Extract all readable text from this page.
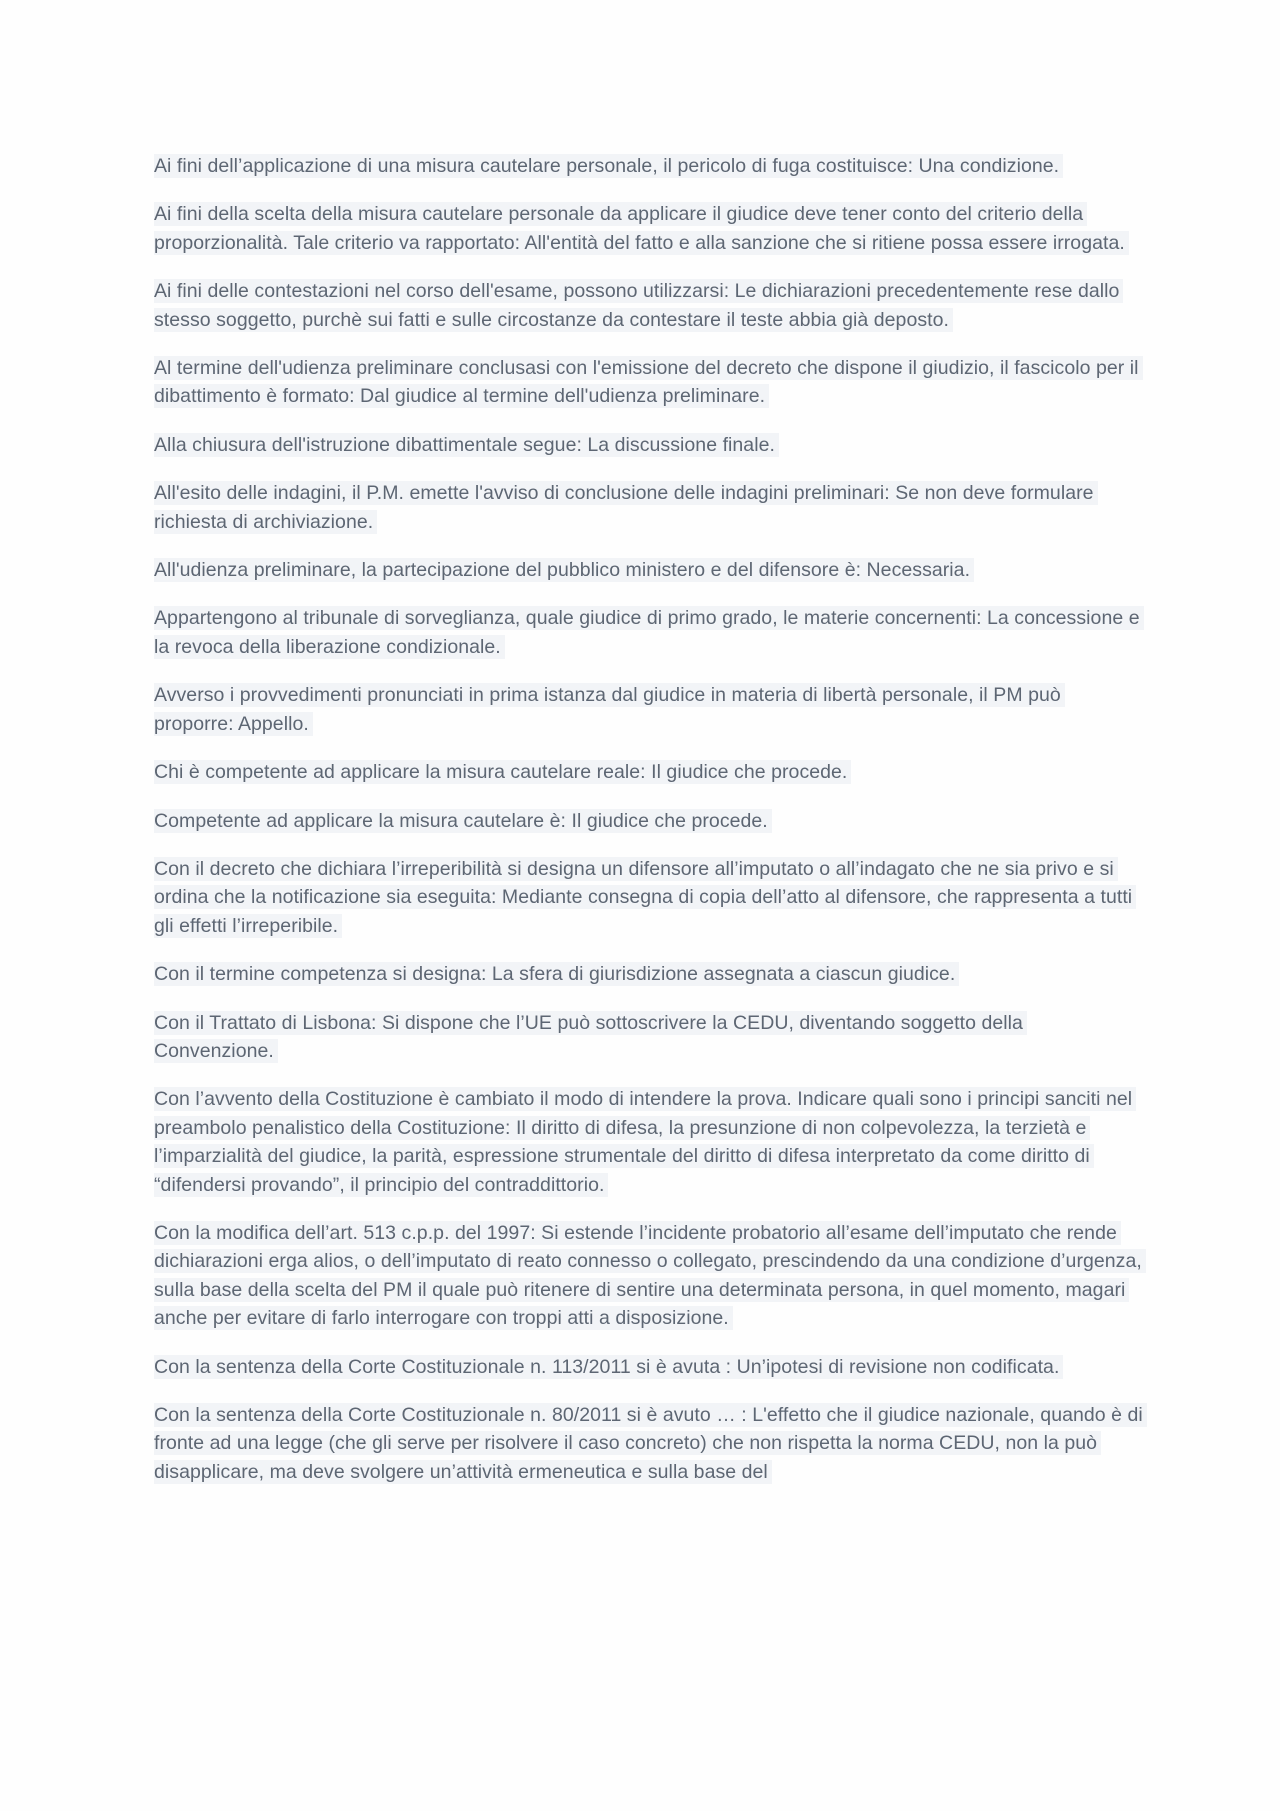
Ai fini dell’applicazione di una misura cautelare personale, il pericolo di fuga costituisce: Una condizione.

Ai fini della scelta della misura cautelare personale da applicare il giudice deve tener conto del criterio della proporzionalità. Tale criterio va rapportato: All'entità del fatto e alla sanzione che si ritiene possa essere irrogata.

Ai fini delle contestazioni nel corso dell'esame, possono utilizzarsi: Le dichiarazioni precedentemente rese dallo stesso soggetto, purchè sui fatti e sulle circostanze da contestare il teste abbia già deposto.

Al termine dell'udienza preliminare conclusasi con l'emissione del decreto che dispone il giudizio, il fascicolo per il dibattimento è formato: Dal giudice al termine dell'udienza preliminare.

Alla chiusura dell'istruzione dibattimentale segue: La discussione finale.

All'esito delle indagini, il P.M. emette l'avviso di conclusione delle indagini preliminari: Se non deve formulare richiesta di archiviazione.

All'udienza preliminare, la partecipazione del pubblico ministero e del difensore è: Necessaria.

Appartengono al tribunale di sorveglianza, quale giudice di primo grado, le materie concernenti: La concessione e la revoca della liberazione condizionale.

Avverso i provvedimenti pronunciati in prima istanza dal giudice in materia di libertà personale, il PM può proporre: Appello.

Chi è competente ad applicare la misura cautelare reale: Il giudice che procede.

Competente ad applicare la misura cautelare è: Il giudice che procede.

Con il decreto che dichiara l’irreperibilità si designa un difensore all’imputato o all’indagato che ne sia privo e si ordina che la notificazione sia eseguita: Mediante consegna di copia dell’atto al difensore, che rappresenta a tutti gli effetti l’irreperibile.

Con il termine competenza si designa: La sfera di giurisdizione assegnata a ciascun giudice.

Con il Trattato di Lisbona: Si dispone che l’UE può sottoscrivere la CEDU, diventando soggetto della Convenzione.

Con l’avvento della Costituzione è cambiato il modo di intendere la prova. Indicare quali sono i principi sanciti nel preambolo penalistico della Costituzione: Il diritto di difesa, la presunzione di non colpevolezza, la terzietà e l’imparzialità del giudice, la parità, espressione strumentale del diritto di difesa interpretato da come diritto di “difendersi provando”, il principio del contraddittorio.

Con la modifica dell’art. 513 c.p.p. del 1997: Si estende l’incidente probatorio all’esame dell’imputato che rende dichiarazioni erga alios, o dell’imputato di reato connesso o collegato, prescindendo da una condizione d’urgenza, sulla base della scelta del PM il quale può ritenere di sentire una determinata persona, in quel momento, magari anche per evitare di farlo interrogare con troppi atti a disposizione.

Con la sentenza della Corte Costituzionale n. 113/2011 si è avuta : Un’ipotesi di revisione non codificata.

Con la sentenza della Corte Costituzionale n. 80/2011 si è avuto … : L'effetto che il giudice nazionale, quando è di fronte ad una legge (che gli serve per risolvere il caso concreto) che non rispetta la norma CEDU, non la può disapplicare, ma deve svolgere un’attività ermeneutica e sulla base del
